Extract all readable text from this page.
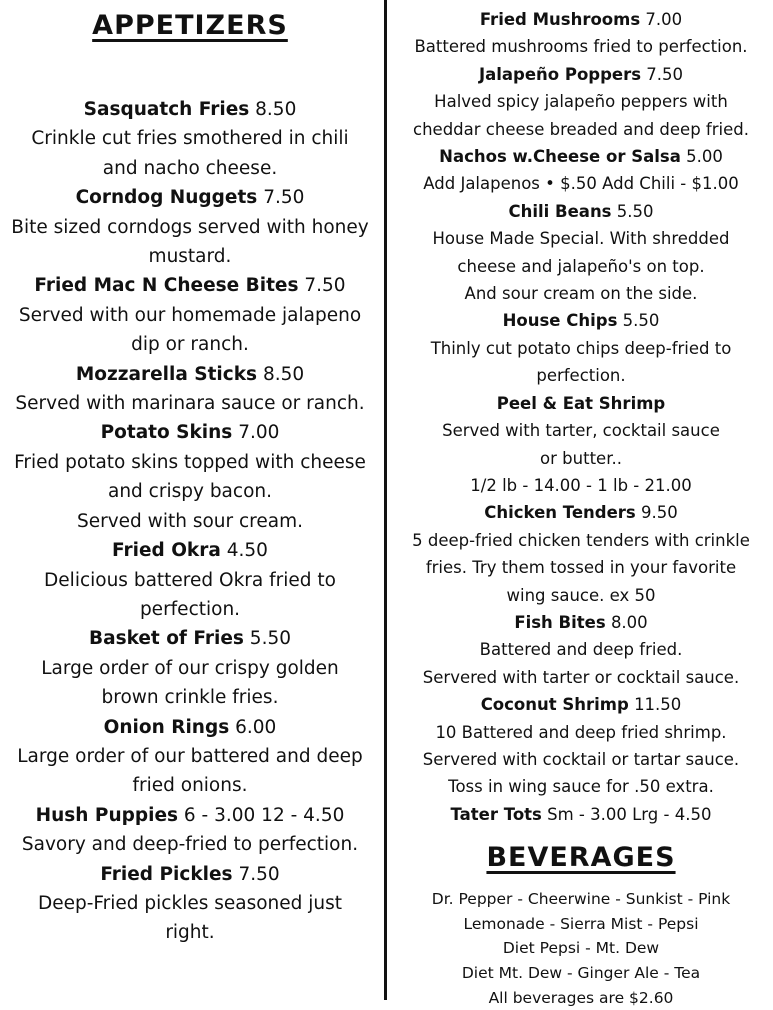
APPETIZERS
Sasquatch Fries 8.50
Crinkle cut fries smothered in chili
and nacho cheese.
Corndog Nuggets 7.50
Bite sized corndogs served with honey
mustard.
Fried Mac N Cheese Bites 7.50
Served with our homemade jalapeno
dip or ranch.
Mozzarella Sticks 8.50
Served with marinara sauce or ranch.
Potato Skins 7.00
Fried potato skins topped with cheese
and crispy bacon.
Served with sour cream.
Fried Okra 4.50
Delicious battered Okra fried to
perfection.
Basket of Fries 5.50
Large order of our crispy golden
brown crinkle fries.
Onion Rings 6.00
Large order of our battered and deep
fried onions.
Hush Puppies 6 - 3.00 12 - 4.50
Savory and deep-fried to perfection.
Fried Pickles 7.50
Deep-Fried pickles seasoned just
right.
Fried Mushrooms 7.00
Battered mushrooms fried to perfection.
Jalapeño Poppers 7.50
Halved spicy jalapeño peppers with
cheddar cheese breaded and deep fried.
Nachos w.Cheese or Salsa 5.00
Add Jalapenos • $.50 Add Chili - $1.00
Chili Beans 5.50
House Made Special. With shredded
cheese and jalapeño's on top.
And sour cream on the side.
House Chips 5.50
Thinly cut potato chips deep-fried to
perfection.
Peel & Eat Shrimp
Served with tarter, cocktail sauce
or butter..
1/2 lb - 14.00 - 1 lb - 21.00
Chicken Tenders 9.50
5 deep-fried chicken tenders with crinkle
fries. Try them tossed in your favorite
wing sauce. ex 50
Fish Bites 8.00
Battered and deep fried.
Servered with tarter or cocktail sauce.
Coconut Shrimp 11.50
10 Battered and deep fried shrimp.
Servered with cocktail or tartar sauce.
Toss in wing sauce for .50 extra.
Tater Tots Sm - 3.00 Lrg - 4.50
BEVERAGES
Dr. Pepper - Cheerwine - Sunkist - Pink
Lemonade - Sierra Mist - Pepsi
Diet Pepsi - Mt. Dew
Diet Mt. Dew - Ginger Ale - Tea
All beverages are $2.60
